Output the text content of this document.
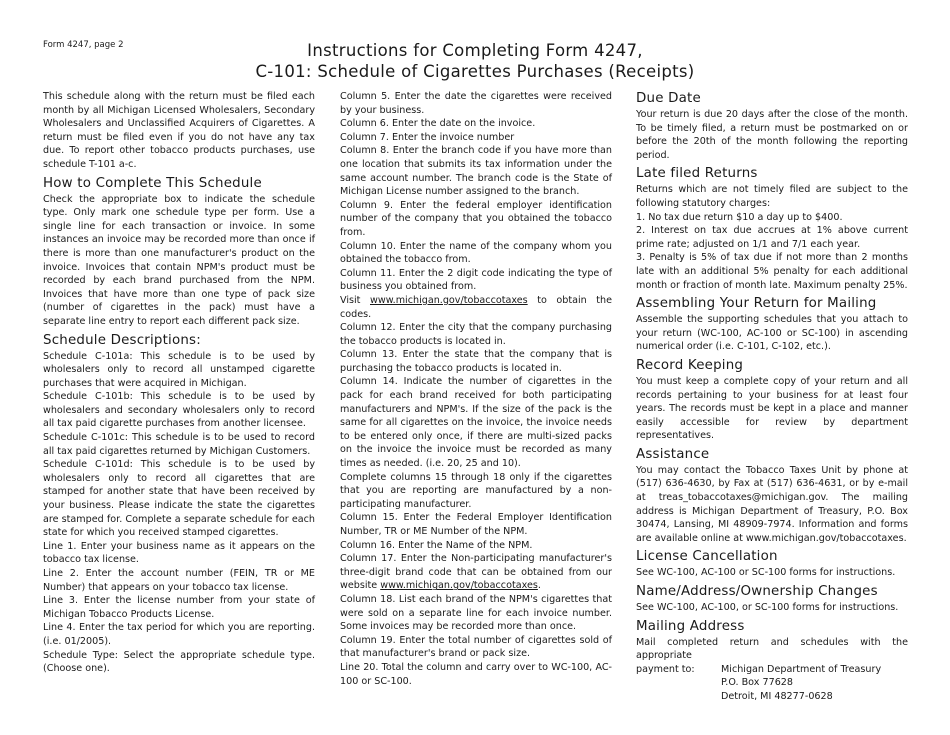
Form 4247, page 2	Instructions for Completing Form 4247,
C-101: Schedule of Cigarettes Purchases (Receipts)

This schedule along with the return must be filed each month by all Michigan Licensed Wholesalers, Secondary Wholesalers and Unclassified Acquirers of Cigarettes. A return must be filed even if you do not have any tax due. To report other tobacco products purchases, use schedule T-101 a-c.

How to Complete This Schedule

Check the appropriate box to indicate the schedule type. Only mark one schedule type per form. Use a single line for each transaction or invoice. In some instances an invoice may be recorded more than once if there is more than one manufacturer's product on the invoice. Invoices that contain NPM's product must be recorded by each brand purchased from the NPM. Invoices that have more than one type of pack size (number of cigarettes in the pack) must have a separate line entry to report each different pack size.

Schedule Descriptions:

Schedule C-101a: This schedule is to be used by wholesalers only to record all unstamped cigarette purchases that were acquired in Michigan.

Schedule C-101b: This schedule is to be used by wholesalers and secondary wholesalers only to record all tax paid cigarette purchases from another licensee.

Schedule C-101c: This schedule is to be used to record all tax paid cigarettes returned by Michigan Customers.

Schedule C-101d: This schedule is to be used by wholesalers only to record all cigarettes that are stamped for another state that have been received by your business. Please indicate the state the cigarettes are stamped for. Complete a separate schedule for each state for which you received stamped cigarettes.

Line 1. Enter your business name as it appears on the tobacco tax license.

Line 2. Enter the account number (FEIN, TR or ME Number) that appears on your tobacco tax license.

Line 3. Enter the license number from your state of Michigan Tobacco Products License.

Line 4. Enter the tax period for which you are reporting. (i.e. 01/2005).

Schedule Type: Select the appropriate schedule type. (Choose one).

Column 5. Enter the date the cigarettes were received by your business.

Column 6. Enter the date on the invoice.

Column 7. Enter the invoice number

Column 8. Enter the branch code if you have more than one location that submits its tax information under the same account number. The branch code is the State of Michigan License number assigned to the branch.

Column 9. Enter the federal employer identification number of the company that you obtained the tobacco from.

Column 10. Enter the name of the company whom you obtained the tobacco from.

Column 11. Enter the 2 digit code indicating the type of business you obtained from.

Visit www.michigan.gov/tobaccotaxes to obtain the codes.

Column 12. Enter the city that the company purchasing the tobacco products is located in.

Column 13. Enter the state that the company that is purchasing the tobacco products is located in.

Column 14. Indicate the number of cigarettes in the pack for each brand received for both participating manufacturers and NPM's. If the size of the pack is the same for all cigarettes on the invoice, the invoice needs to be entered only once, if there are multi-sized packs on the invoice the invoice must be recorded as many times as needed. (i.e. 20, 25 and 10).

Complete columns 15 through 18 only if the cigarettes that you are reporting are manufactured by a non-participating manufacturer.

Column 15. Enter the Federal Employer Identification Number, TR or ME Number of the NPM.

Column 16. Enter the Name of the NPM.

Column 17. Enter the Non-participating manufacturer's three-digit brand code that can be obtained from our website www.michigan.gov/tobaccotaxes.

Column 18. List each brand of the NPM's cigarettes that were sold on a separate line for each invoice number. Some invoices may be recorded more than once.

Column 19. Enter the total number of cigarettes sold of that manufacturer's brand or pack size.

Line 20. Total the column and carry over to WC-100, AC-100 or SC-100.

Due Date

Your return is due 20 days after the close of the month. To be timely filed, a return must be postmarked on or before the 20th of the month following the reporting period.

Late filed Returns

Returns which are not timely filed are subject to the following statutory charges:

1. No tax due return $10 a day up to $400.

2. Interest on tax due accrues at 1% above current prime rate; adjusted on 1/1 and 7/1 each year.

3. Penalty is 5% of tax due if not more than 2 months late with an additional 5% penalty for each additional month or fraction of month late. Maximum penalty 25%.

Assembling Your Return for Mailing

Assemble the supporting schedules that you attach to your return (WC-100, AC-100 or SC-100) in ascending numerical order (i.e. C-101, C-102, etc.).

Record Keeping

You must keep a complete copy of your return and all records pertaining to your business for at least four years. The records must be kept in a place and manner easily accessible for review by department representatives.

Assistance

You may contact the Tobacco Taxes Unit by phone at (517) 636-4630, by Fax at (517) 636-4631, or by e-mail at treas_tobaccotaxes@michigan.gov. The mailing address is Michigan Department of Treasury, P.O. Box 30474, Lansing, MI 48909-7974. Information and forms are available online at www.michigan.gov/tobaccotaxes.

License Cancellation

See WC-100, AC-100 or SC-100 forms for instructions.

Name/Address/Ownership Changes

See WC-100, AC-100, or SC-100 forms for instructions.

Mailing Address

Mail completed return and schedules with the appropriate

payment to:	Michigan Department of Treasury
P.O. Box 77628
Detroit, MI 48277-0628
